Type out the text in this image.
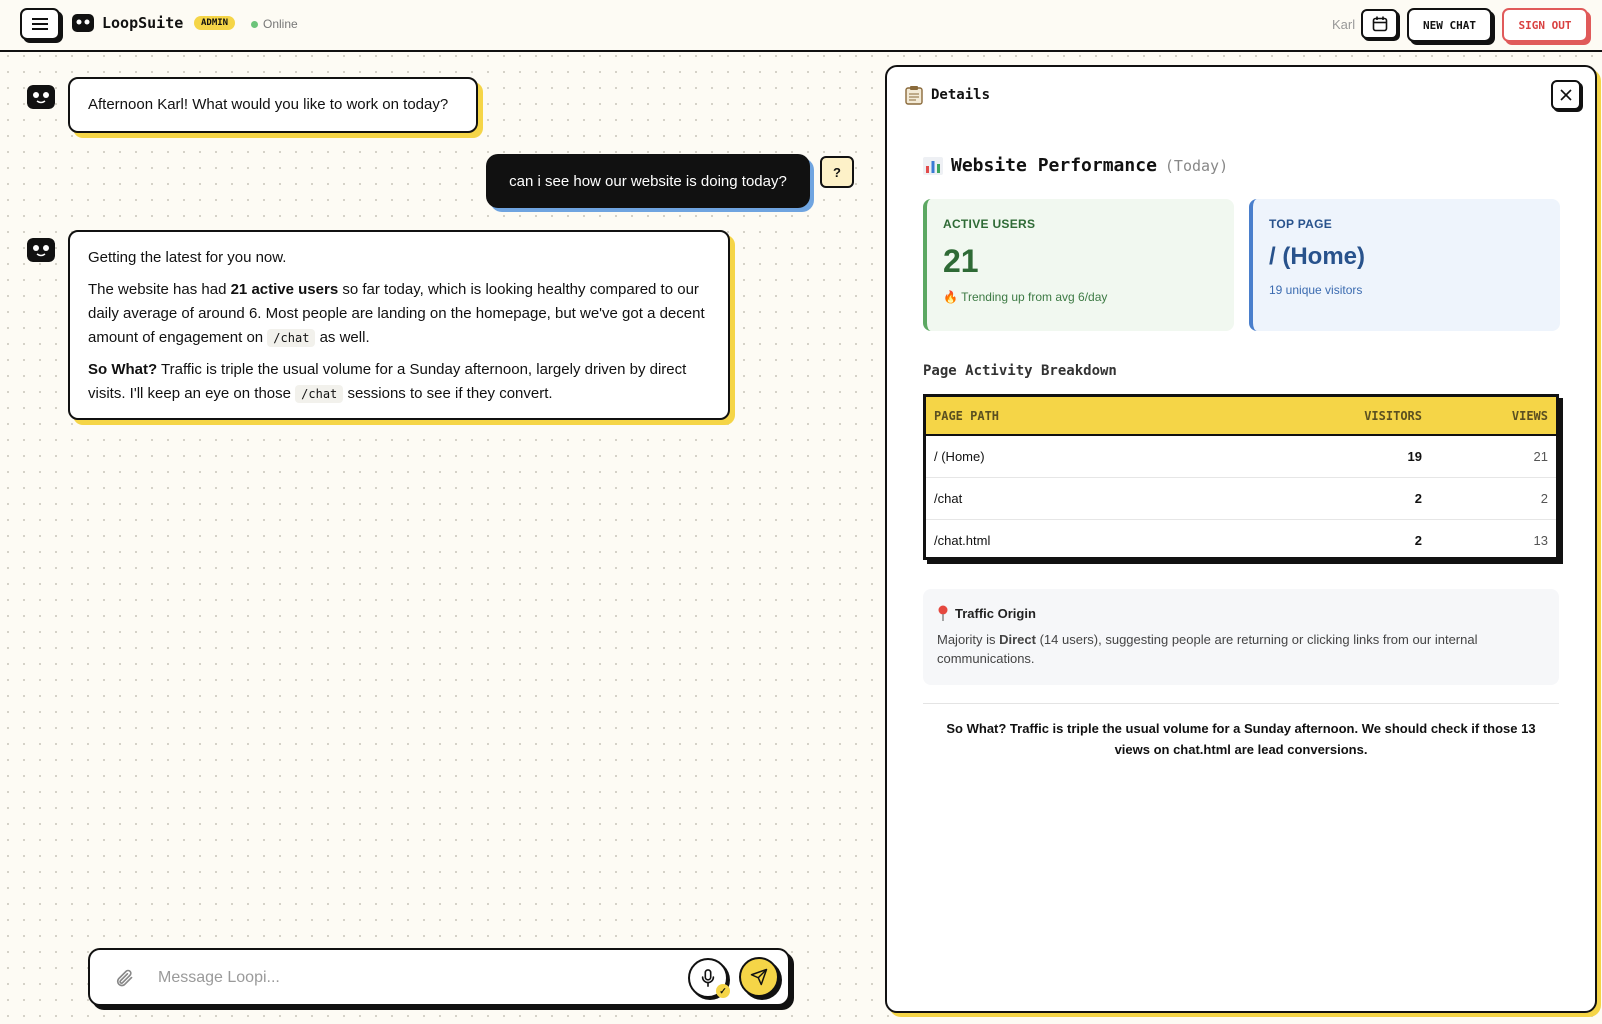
LoopSuite	ADMIN	Online	Karl	NEW CHAT	SIGN OUT
Afternoon Karl! What would you like to work on today?
can i see how our website is doing today?
?

Getting the latest for you now.

The website has had 21 active users so far today, which is looking healthy compared to our daily average of around 6. Most people are landing on the homepage, but we've got a decent amount of engagement on /chat as well.

So What? Traffic is triple the usual volume for a Sunday afternoon, largely driven by direct visits. I'll keep an eye on those /chat sessions to see if they convert.

Message Loopi...
✓
Details
Website Performance (Today)
ACTIVE USERS
21
🔥 Trending up from avg 6/day
TOP PAGE
/ (Home)
19 unique visitors
Page Activity Breakdown
PAGE PATH	VISITORS	VIEWS
/ (Home)	19	21
/chat	2	2
/chat.html	2	13
Traffic Origin
Majority is Direct (14 users), suggesting people are returning or clicking links from our internal communications.
So What? Traffic is triple the usual volume for a Sunday afternoon. We should check if those 13 views on chat.html are lead conversions.
